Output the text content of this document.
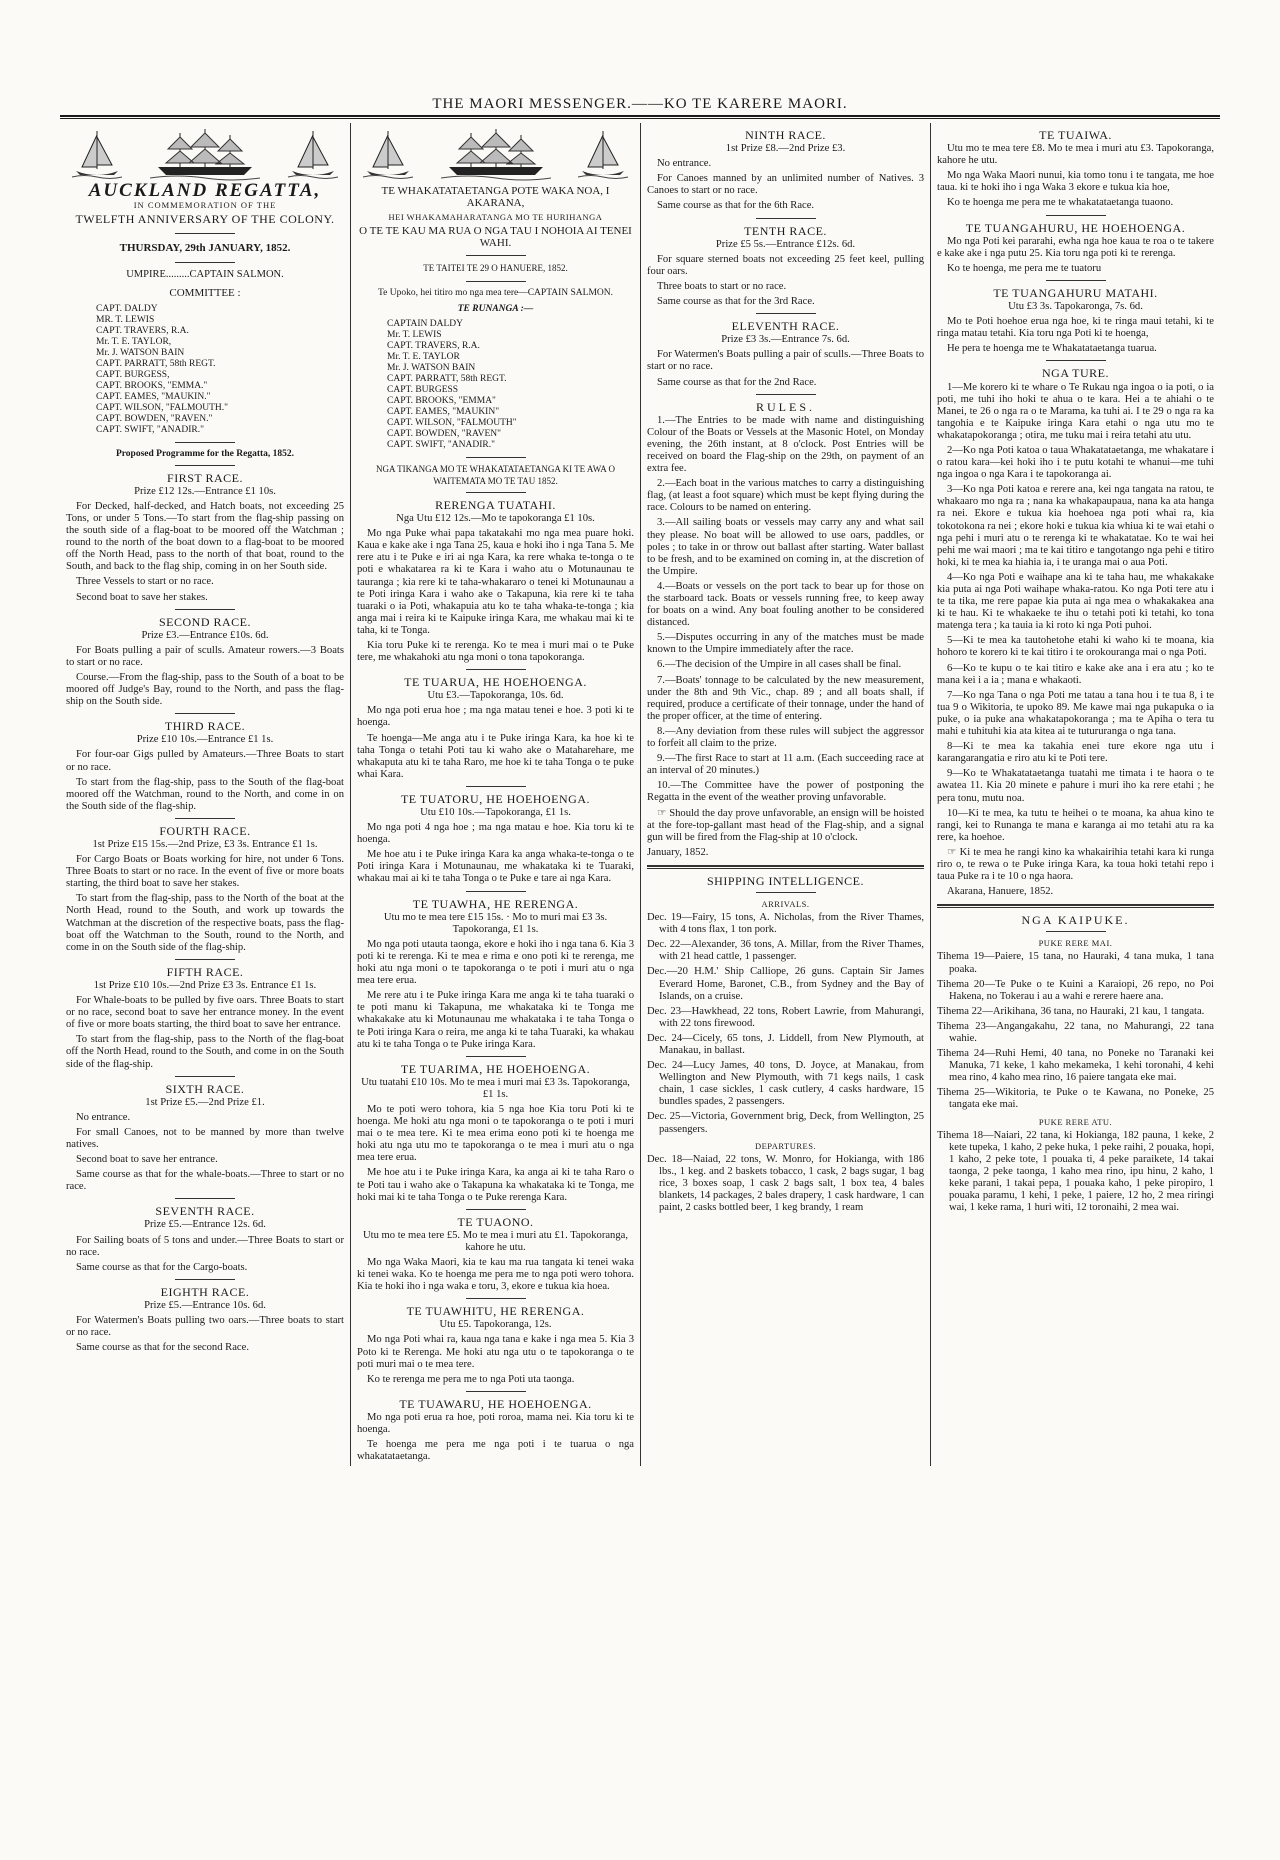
THE MAORI MESSENGER.——KO TE KARERE MAORI.
AUCKLAND REGATTA,
IN COMMEMORATION OF THE
TWELFTH ANNIVERSARY OF THE COLONY.
THURSDAY, 29th JANUARY, 1852.
UMPIRE.........CAPTAIN SALMON.
COMMITTEE :
CAPT. DALDY
MR. T. LEWIS
CAPT. TRAVERS, R.A.
Mr. T. E. TAYLOR,
Mr. J. WATSON BAIN
CAPT. PARRATT, 58th REGT.
CAPT. BURGESS,
CAPT. BROOKS, "EMMA."
CAPT. EAMES, "MAUKIN."
CAPT. WILSON, "FALMOUTH."
CAPT. BOWDEN, "RAVEN."
CAPT. SWIFT, "ANADIR."
Proposed Programme for the Regatta, 1852.
FIRST RACE.

Prize £12 12s.—Entrance £1 10s.

For Decked, half-decked, and Hatch boats, not exceeding 25 Tons, or under 5 Tons.—To start from the flag-ship passing on the south side of a flag-boat to be moored off the Watchman ; round to the north of the boat down to a flag-boat to be moored off the North Head, pass to the north of that boat, round to the South, and back to the flag ship, coming in on her South side.

Three Vessels to start or no race.

Second boat to save her stakes.

SECOND RACE.

Prize £3.—Entrance £10s. 6d.

For Boats pulling a pair of sculls. Amateur rowers.—3 Boats to start or no race.

Course.—From the flag-ship, pass to the South of a boat to be moored off Judge's Bay, round to the North, and pass the flag-ship on the South side.

THIRD RACE.

Prize £10 10s.—Entrance £1 1s.

For four-oar Gigs pulled by Amateurs.—Three Boats to start or no race.

To start from the flag-ship, pass to the South of the flag-boat moored off the Watchman, round to the North, and come in on the South side of the flag-ship.

FOURTH RACE.

1st Prize £15 15s.—2nd Prize, £3 3s. Entrance £1 1s.

For Cargo Boats or Boats working for hire, not under 6 Tons. Three Boats to start or no race. In the event of five or more boats starting, the third boat to save her stakes.

To start from the flag-ship, pass to the North of the boat at the North Head, round to the South, and work up towards the Watchman at the discretion of the respective boats, pass the flag-boat off the Watchman to the South, round to the North, and come in on the South side of the flag-ship.

FIFTH RACE.

1st Prize £10 10s.—2nd Prize £3 3s. Entrance £1 1s.

For Whale-boats to be pulled by five oars. Three Boats to start or no race, second boat to save her entrance money. In the event of five or more boats starting, the third boat to save her entrance.

To start from the flag-ship, pass to the North of the flag-boat off the North Head, round to the South, and come in on the South side of the flag-ship.

SIXTH RACE.

1st Prize £5.—2nd Prize £1.

No entrance.

For small Canoes, not to be manned by more than twelve natives.

Second boat to save her entrance.

Same course as that for the whale-boats.—Three to start or no race.

SEVENTH RACE.

Prize £5.—Entrance 12s. 6d.

For Sailing boats of 5 tons and under.—Three Boats to start or no race.

Same course as that for the Cargo-boats.

EIGHTH RACE.

Prize £5.—Entrance 10s. 6d.

For Watermen's Boats pulling two oars.—Three boats to start or no race.

Same course as that for the second Race.

TE WHAKATATAETANGA POTE WAKA NOA, I AKARANA,
HEI WHAKAMAHARATANGA MO TE HURIHANGA
O TE TE KAU MA RUA O NGA TAU I NOHOIA AI TENEI WAHI.
TE TAITEI TE 29 O HANUERE, 1852.
Te Upoko, hei titiro mo nga mea tere—CAPTAIN SALMON.
TE RUNANGA :—
CAPTAIN DALDY
Mr. T. LEWIS
CAPT. TRAVERS, R.A.
Mr. T. E. TAYLOR
Mr. J. WATSON BAIN
CAPT. PARRATT, 58th REGT.
CAPT. BURGESS
CAPT. BROOKS, "EMMA"
CAPT. EAMES, "MAUKIN"
CAPT. WILSON, "FALMOUTH"
CAPT. BOWDEN, "RAVEN"
CAPT. SWIFT, "ANADIR."
NGA TIKANGA MO TE WHAKATATAETANGA KI TE AWA O WAITEMATA MO TE TAU 1852.
RERENGA TUATAHI.

Nga Utu £12 12s.—Mo te tapokoranga £1 10s.

Mo nga Puke whai papa takatakahi mo nga mea puare hoki. Kaua e kake ake i nga Tana 25, kaua e hoki iho i nga Tana 5. Me rere atu i te Puke e iri ai nga Kara, ka rere whaka te-tonga o te poti e whakatarea ra ki te Kara i waho atu o Motunaunau te tauranga ; kia rere ki te taha-whakararo o tenei ki Motunaunau a te Poti iringa Kara i waho ake o Takapuna, kia rere ki te taha tuaraki o ia Poti, whakapuia atu ko te taha whaka-te-tonga ; kia anga mai i reira ki te Kaipuke iringa Kara, me whakau mai ki te taha, ki te Tonga.

Kia toru Puke ki te rerenga. Ko te mea i muri mai o te Puke tere, me whakahoki atu nga moni o tona tapokoranga.

TE TUARUA, HE HOEHOENGA.

Utu £3.—Tapokoranga, 10s. 6d.

Mo nga poti erua hoe ; ma nga matau tenei e hoe. 3 poti ki te hoenga.

Te hoenga—Me anga atu i te Puke iringa Kara, ka hoe ki te taha Tonga o tetahi Poti tau ki waho ake o Mataharehare, me whakaputa atu ki te taha Raro, me hoe ki te taha Tonga o te puke whai Kara.

TE TUATORU, HE HOEHOENGA.

Utu £10 10s.—Tapokoranga, £1 1s.

Mo nga poti 4 nga hoe ; ma nga matau e hoe. Kia toru ki te hoenga.

Me hoe atu i te Puke iringa Kara ka anga whaka-te-tonga o te Poti iringa Kara i Motunaunau, me whakataka ki te Tuaraki, whakau mai ai ki te taha Tonga o te Puke e tare ai nga Kara.

TE TUAWHA, HE RERENGA.

Utu mo te mea tere £15 15s. · Mo to muri mai £3 3s. Tapokoranga, £1 1s.

Mo nga poti utauta taonga, ekore e hoki iho i nga tana 6. Kia 3 poti ki te rerenga. Ki te mea e rima e ono poti ki te rerenga, me hoki atu nga moni o te tapokoranga o te poti i muri atu o nga mea tere erua.

Me rere atu i te Puke iringa Kara me anga ki te taha tuaraki o te poti manu ki Takapuna, me whakataka ki te Tonga me whakakake atu ki Motunaunau me whakataka i te taha Tonga o te Poti iringa Kara o reira, me anga ki te taha Tuaraki, ka whakau atu ki te taha Tonga o te Puke iringa Kara.

TE TUARIMA, HE HOEHOENGA.

Utu tuatahi £10 10s. Mo te mea i muri mai £3 3s. Tapokoranga, £1 1s.

Mo te poti wero tohora, kia 5 nga hoe Kia toru Poti ki te hoenga. Me hoki atu nga moni o te tapokoranga o te poti i muri mai o te mea tere. Ki te mea erima eono poti ki te hoenga me hoki atu nga utu mo te tapokoranga o te mea i muri atu o nga mea tere erua.

Me hoe atu i te Puke iringa Kara, ka anga ai ki te taha Raro o te Poti tau i waho ake o Takapuna ka whakataka ki te Tonga, me hoki mai ki te taha Tonga o te Puke rerenga Kara.

TE TUAONO.

Utu mo te mea tere £5. Mo te mea i muri atu £1. Tapokoranga, kahore he utu.

Mo nga Waka Maori, kia te kau ma rua tangata ki tenei waka ki tenei waka. Ko te hoenga me pera me to nga poti wero tohora. Kia te hoki iho i nga waka e toru, 3, ekore e tukua kia hoea.

TE TUAWHITU, HE RERENGA.

Utu £5. Tapokoranga, 12s.

Mo nga Poti whai ra, kaua nga tana e kake i nga mea 5. Kia 3 Poto ki te Rerenga. Me hoki atu nga utu o te tapokoranga o te poti muri mai o te mea tere.

Ko te rerenga me pera me to nga Poti uta taonga.

TE TUAWARU, HE HOEHOENGA.

Mo nga poti erua ra hoe, poti roroa, mama nei. Kia toru ki te hoenga.

Te hoenga me pera me nga poti i te tuarua o nga whakatataetanga.

NINTH RACE.

1st Prize £8.—2nd Prize £3.

No entrance.

For Canoes manned by an unlimited number of Natives. 3 Canoes to start or no race.

Same course as that for the 6th Race.

TENTH RACE.

Prize £5 5s.—Entrance £12s. 6d.

For square sterned boats not exceeding 25 feet keel, pulling four oars.

Three boats to start or no race.

Same course as that for the 3rd Race.

ELEVENTH RACE.

Prize £3 3s.—Entrance 7s. 6d.

For Watermen's Boats pulling a pair of sculls.—Three Boats to start or no race.

Same course as that for the 2nd Race.

RULES.

1.—The Entries to be made with name and distinguishing Colour of the Boats or Vessels at the Masonic Hotel, on Monday evening, the 26th instant, at 8 o'clock. Post Entries will be received on board the Flag-ship on the 29th, on payment of an extra fee.

2.—Each boat in the various matches to carry a distinguishing flag, (at least a foot square) which must be kept flying during the race. Colours to be named on entering.

3.—All sailing boats or vessels may carry any and what sail they please. No boat will be allowed to use oars, paddles, or poles ; to take in or throw out ballast after starting. Water ballast to be fresh, and to be examined on coming in, at the discretion of the Umpire.

4.—Boats or vessels on the port tack to bear up for those on the starboard tack. Boats or vessels running free, to keep away for boats on a wind. Any boat fouling another to be considered distanced.

5.—Disputes occurring in any of the matches must be made known to the Umpire immediately after the race.

6.—The decision of the Umpire in all cases shall be final.

7.—Boats' tonnage to be calculated by the new measurement, under the 8th and 9th Vic., chap. 89 ; and all boats shall, if required, produce a certificate of their tonnage, under the hand of the proper officer, at the time of entering.

8.—Any deviation from these rules will subject the aggressor to forfeit all claim to the prize.

9.—The first Race to start at 11 a.m. (Each succeeding race at an interval of 20 minutes.)

10.—The Committee have the power of postponing the Regatta in the event of the weather proving unfavorable.

☞ Should the day prove unfavorable, an ensign will be hoisted at the fore-top-gallant mast head of the Flag-ship, and a signal gun will be fired from the Flag-ship at 10 o'clock.

January, 1852.

SHIPPING INTELLIGENCE.
ARRIVALS.

Dec. 19—Fairy, 15 tons, A. Nicholas, from the River Thames, with 4 tons flax, 1 ton pork.

Dec. 22—Alexander, 36 tons, A. Millar, from the River Thames, with 21 head cattle, 1 passenger.

Dec.—20 H.M.' Ship Calliope, 26 guns. Captain Sir James Everard Home, Baronet, C.B., from Sydney and the Bay of Islands, on a cruise.

Dec. 23—Hawkhead, 22 tons, Robert Lawrie, from Mahurangi, with 22 tons firewood.

Dec. 24—Cicely, 65 tons, J. Liddell, from New Plymouth, at Manakau, in ballast.

Dec. 24—Lucy James, 40 tons, D. Joyce, at Manakau, from Wellington and New Plymouth, with 71 kegs nails, 1 cask chain, 1 case sickles, 1 cask cutlery, 4 casks hardware, 15 bundles spades, 2 passengers.

Dec. 25—Victoria, Government brig, Deck, from Wellington, 25 passengers.

DEPARTURES.

Dec. 18—Naiad, 22 tons, W. Monro, for Hokianga, with 186 lbs., 1 keg. and 2 baskets tobacco, 1 cask, 2 bags sugar, 1 bag rice, 3 boxes soap, 1 cask 2 bags salt, 1 box tea, 4 bales blankets, 14 packages, 2 bales drapery, 1 cask hardware, 1 can paint, 2 casks bottled beer, 1 keg brandy, 1 ream

TE TUAIWA.

Utu mo te mea tere £8. Mo te mea i muri atu £3. Tapokoranga, kahore he utu.

Mo nga Waka Maori nunui, kia tomo tonu i te tangata, me hoe taua. ki te hoki iho i nga Waka 3 ekore e tukua kia hoe,

Ko te hoenga me pera me te whakatataetanga tuaono.

TE TUANGAHURU, HE HOEHOENGA.

Mo nga Poti kei pararahi, ewha nga hoe kaua te roa o te takere e kake ake i nga putu 25. Kia toru nga poti ki te rerenga.

Ko te hoenga, me pera me te tuatoru

TE TUANGAHURU MATAHI.

Utu £3 3s. Tapokaronga, 7s. 6d.

Mo te Poti hoehoe erua nga hoe, ki te ringa maui tetahi, ki te ringa matau tetahi. Kia toru nga Poti ki te hoenga,

He pera te hoenga me te Whakatataetanga tuarua.

NGA TURE.

1—Me korero ki te whare o Te Rukau nga ingoa o ia poti, o ia poti, me tuhi iho hoki te ahua o te kara. Hei a te ahiahi o te Manei, te 26 o nga ra o te Marama, ka tuhi ai. I te 29 o nga ra ka tangohia e te Kaipuke iringa Kara etahi o nga utu mo te whakatapokoranga ; otira, me tuku mai i reira tetahi atu utu.

2—Ko nga Poti katoa o taua Whakatataetanga, me whakatare i o ratou kara—kei hoki iho i te putu kotahi te whanui—me tuhi nga ingoa o nga Kara i te tapokoranga ai.

3—Ko nga Poti katoa e rerere ana, kei nga tangata na ratou, te whakaaro mo nga ra ; nana ka whakapaupaua, nana ka ata hanga ra nei. Ekore e tukua kia hoehoea nga poti whai ra, kia tokotokona ra nei ; ekore hoki e tukua kia whiua ki te wai etahi o nga pehi i muri atu o te rerenga ki te whakatatae. Ko te wai hei pehi me wai maori ; ma te kai titiro e tangotango nga pehi e titiro hoki, ki te mea ka hiahia ia, i te uranga mai o aua Poti.

4—Ko nga Poti e waihape ana ki te taha hau, me whakakake kia puta ai nga Poti waihape whaka-ratou. Ko nga Poti tere atu i te ta tika, me rere papae kia puta ai nga mea o whakakakea ana ki te hau. Ki te whakaeke te ihu o tetahi poti ki tetahi, ko tona matenga tera ; ka tauia ia ki roto ki nga Poti puhoi.

5—Ki te mea ka tautohetohe etahi ki waho ki te moana, kia hohoro te korero ki te kai titiro i te orokouranga mai o nga Poti.

6—Ko te kupu o te kai titiro e kake ake ana i era atu ; ko te mana kei i a ia ; mana e whakaoti.

7—Ko nga Tana o nga Poti me tatau a tana hou i te tua 8, i te tua 9 o Wikitoria, te upoko 89. Me kawe mai nga pukapuka o ia puke, o ia puke ana whakatapokoranga ; ma te Apiha o tera tu mahi e tuhituhi kia ata kitea ai te tutururanga o nga tana.

8—Ki te mea ka takahia enei ture ekore nga utu i karangarangatia e riro atu ki te Poti tere.

9—Ko te Whakatataetanga tuatahi me timata i te haora o te awatea 11. Kia 20 minete e pahure i muri iho ka rere etahi ; he pera tonu, mutu noa.

10—Ki te mea, ka tutu te heihei o te moana, ka ahua kino te rangi, kei to Runanga te mana e karanga ai mo tetahi atu ra ka rere, ka hoehoe.

☞ Ki te mea he rangi kino ka whakairihia tetahi kara ki runga riro o, te rewa o te Puke iringa Kara, ka toua hoki tetahi repo i taua Puke ra i te 10 o nga haora.

Akarana, Hanuere, 1852.

NGA KAIPUKE.
PUKE RERE MAI.

Tihema 19—Paiere, 15 tana, no Hauraki, 4 tana muka, 1 tana poaka.

Tihema 20—Te Puke o te Kuini a Karaiopi, 26 repo, no Poi Hakena, no Tokerau i au a wahi e rerere haere ana.

Tihema 22—Arikihana, 36 tana, no Hauraki, 21 kau, 1 tangata.

Tihema 23—Angangakahu, 22 tana, no Mahurangi, 22 tana wahie.

Tihema 24—Ruhi Hemi, 40 tana, no Poneke no Taranaki kei Manuka, 71 keke, 1 kaho mekameka, 1 kehi toronahi, 4 kehi mea rino, 4 kaho mea rino, 16 paiere tangata eke mai.

Tihema 25—Wikitoria, te Puke o te Kawana, no Poneke, 25 tangata eke mai.

PUKE RERE ATU.

Tihema 18—Naiari, 22 tana, ki Hokianga, 182 pauna, 1 keke, 2 kete tupeka, 1 kaho, 2 peke huka, 1 peke raihi, 2 pouaka, hopi, 1 kaho, 2 peke tote, 1 pouaka ti, 4 peke paraikete, 14 takai taonga, 2 peke taonga, 1 kaho mea rino, ipu hinu, 2 kaho, 1 keke parani, 1 takai pepa, 1 pouaka kaho, 1 peke piropiro, 1 pouaka paramu, 1 kehi, 1 peke, 1 paiere, 12 ho, 2 mea riringi wai, 1 keke rama, 1 huri witi, 12 toronaihi, 2 mea wai.
